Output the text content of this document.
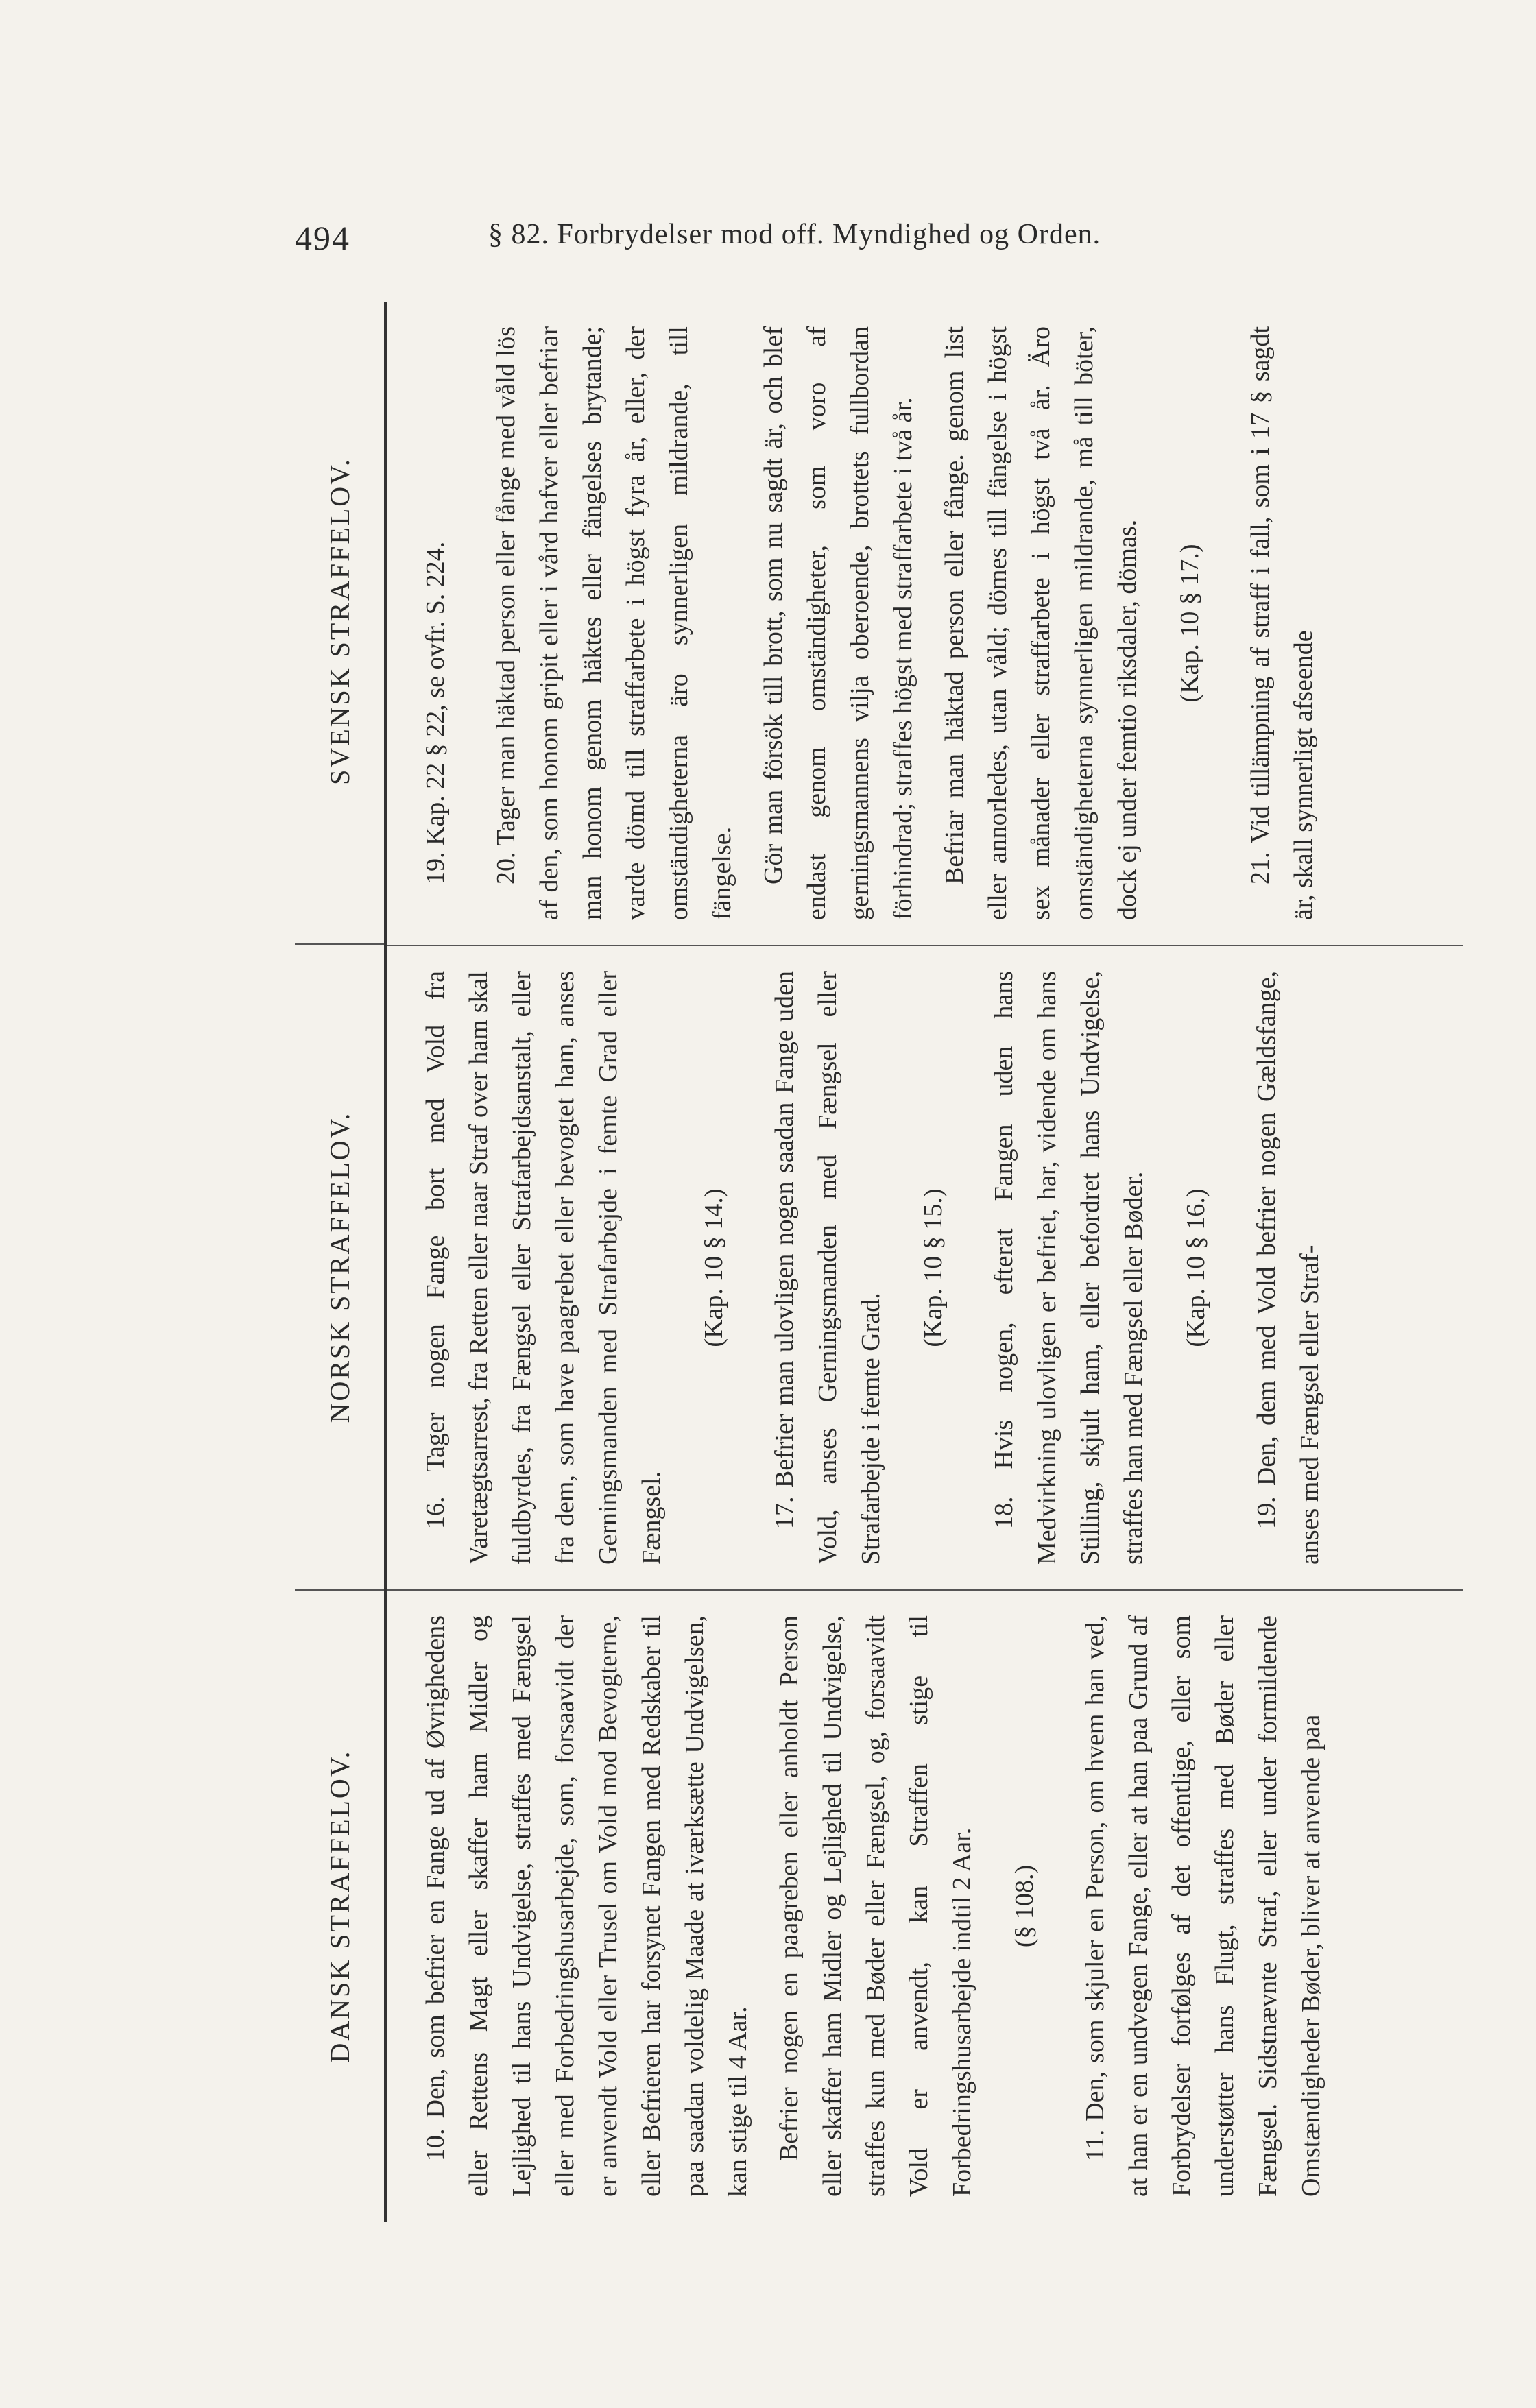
494	§ 82. Forbrydelser mod off. Myndighed og Orden.
DANSK STRAFFELOV.
NORSK STRAFFELOV.
SVENSK STRAFFELOV.

10. Den, som befrier en Fange ud af Øvrighedens eller Rettens Magt eller skaffer ham Midler og Lejlighed til hans Undvigelse, straffes med Fængsel eller med Forbedringshusarbejde, som, forsaavidt der er anvendt Vold eller Trusel om Vold mod Bevogterne, eller Befrieren har forsynet Fangen med Redskaber til paa saadan voldelig Maade at iværksætte Undvigelsen, kan stige til 4 Aar. Befrier nogen en paagreben eller anholdt Person eller skaffer ham Midler og Lejlighed til Undvigelse, straffes kun med Bøder eller Fængsel, og, forsaavidt Vold er anvendt, kan Straffen stige til Forbedringshusarbejde indtil 2 Aar. (§ 108.) 11. Den, som skjuler en Person, om hvem han ved, at han er en undvegen Fange, eller at han paa Grund af Forbrydelser forfølges af det offentlige, eller som understøtter hans Flugt, straffes med Bøder eller Fængsel. Sidstnævnte Straf, eller under formildende Omstændigheder Bøder, bliver at anvende paa

16. Tager nogen Fange bort med Vold fra Varetægtsarrest, fra Retten eller naar Straf over ham skal fuldbyrdes, fra Fængsel eller Strafarbejdsanstalt, eller fra dem, som have paagrebet eller bevogtet ham, anses Gerningsmanden med Strafarbejde i femte Grad eller Fængsel.

(Kap. 10 § 14.) 17. Befrier man ulovligen nogen saadan Fange uden Vold, anses Gerningsmanden med Fængsel eller Strafarbejde i femte Grad.

(Kap. 10 § 15.) 18. Hvis nogen, efterat Fangen uden hans Medvirkning ulovligen er befriet, har, vidende om hans Stilling, skjult ham, eller befordret hans Undvigelse, straffes han med Fængsel eller Bøder. (Kap. 10 § 16.) 19. Den, dem med Vold befrier nogen Gældsfange, anses med Fængsel eller Straf-

19. Kap. 22 § 22, se ovfr. S. 224. 20. Tager man häktad person eller fånge med våld lös af den, som honom gripit eller i vård hafver eller befriar man honom genom häktes eller fängelses brytande; varde dömd till straffarbete i högst fyra år, eller, der omständigheterna äro synnerligen mildrande, till fängelse. Gör man försök till brott, som nu sagdt är, och blef endast genom omständigheter, som voro af gerningsmannens vilja oberoende, brottets fullbordan förhindrad; straffes högst med straffarbete i två år. Befriar man häktad person eller fånge. genom list eller annorledes, utan våld; dömes till fängelse i högst sex månader eller straffarbete i högst två år. Äro omständigheterna synnerligen mildrande, må till böter, dock ej under femtio riksdaler, dömas. (Kap. 10 § 17.) 21. Vid tillämpning af straff i fall, som i 17 § sagdt är, skall synnerligt afseende
